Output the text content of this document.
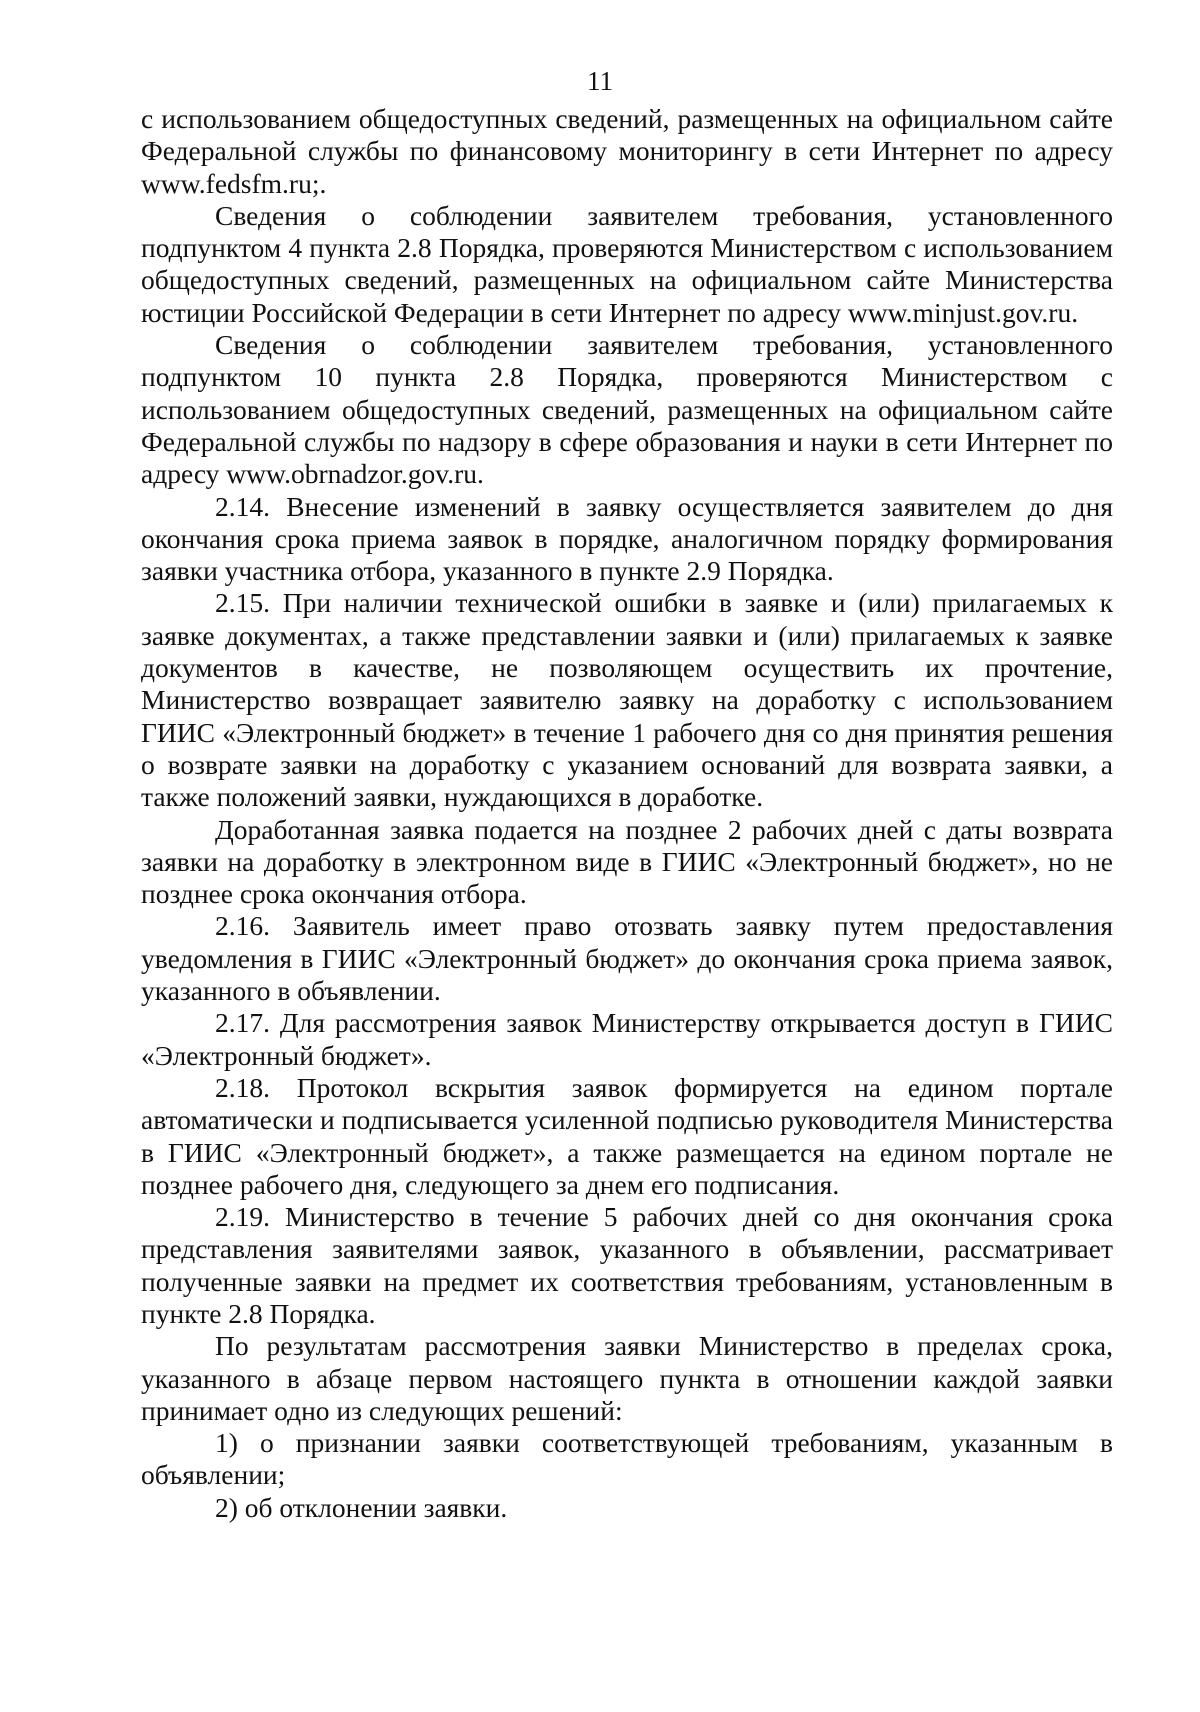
11

с использованием общедоступных сведений, размещенных на официальном сайте Федеральной службы по финансовому мониторингу в сети Интернет по адресу www.fedsfm.ru;.

Сведения о соблюдении заявителем требования, установленного подпунктом 4 пункта 2.8 Порядка, проверяются Министерством с использованием общедоступных сведений, размещенных на официальном сайте Министерства юстиции Российской Федерации в сети Интернет по адресу www.minjust.gov.ru.

Сведения о соблюдении заявителем требования, установленного подпунктом 10 пункта 2.8 Порядка, проверяются Министерством с использованием общедоступных сведений, размещенных на официальном сайте Федеральной службы по надзору в сфере образования и науки в сети Интернет по адресу www.obrnadzor.gov.ru.

2.14. Внесение изменений в заявку осуществляется заявителем до дня окончания срока приема заявок в порядке, аналогичном порядку формирования заявки участника отбора, указанного в пункте 2.9 Порядка.

2.15. При наличии технической ошибки в заявке и (или) прилагаемых к заявке документах, а также представлении заявки и (или) прилагаемых к заявке документов в качестве, не позволяющем осуществить их прочтение, Министерство возвращает заявителю заявку на доработку с использованием ГИИС «Электронный бюджет» в течение 1 рабочего дня со дня принятия решения о возврате заявки на доработку с указанием оснований для возврата заявки, а также положений заявки, нуждающихся в доработке.

Доработанная заявка подается на позднее 2 рабочих дней с даты возврата заявки на доработку в электронном виде в ГИИС «Электронный бюджет», но не позднее срока окончания отбора.

2.16. Заявитель имеет право отозвать заявку путем предоставления уведомления в ГИИС «Электронный бюджет» до окончания срока приема заявок, указанного в объявлении.

2.17. Для рассмотрения заявок Министерству открывается доступ в ГИИС «Электронный бюджет».

2.18. Протокол вскрытия заявок формируется на едином портале автоматически и подписывается усиленной подписью руководителя Министерства в ГИИС «Электронный бюджет», а также размещается на едином портале не позднее рабочего дня, следующего за днем его подписания.

2.19. Министерство в течение 5 рабочих дней со дня окончания срока представления заявителями заявок, указанного в объявлении, рассматривает полученные заявки на предмет их соответствия требованиям, установленным в пункте 2.8 Порядка.

По результатам рассмотрения заявки Министерство в пределах срока, указанного в абзаце первом настоящего пункта в отношении каждой заявки принимает одно из следующих решений:

1) о признании заявки соответствующей требованиям, указанным в объявлении;

2) об отклонении заявки.
